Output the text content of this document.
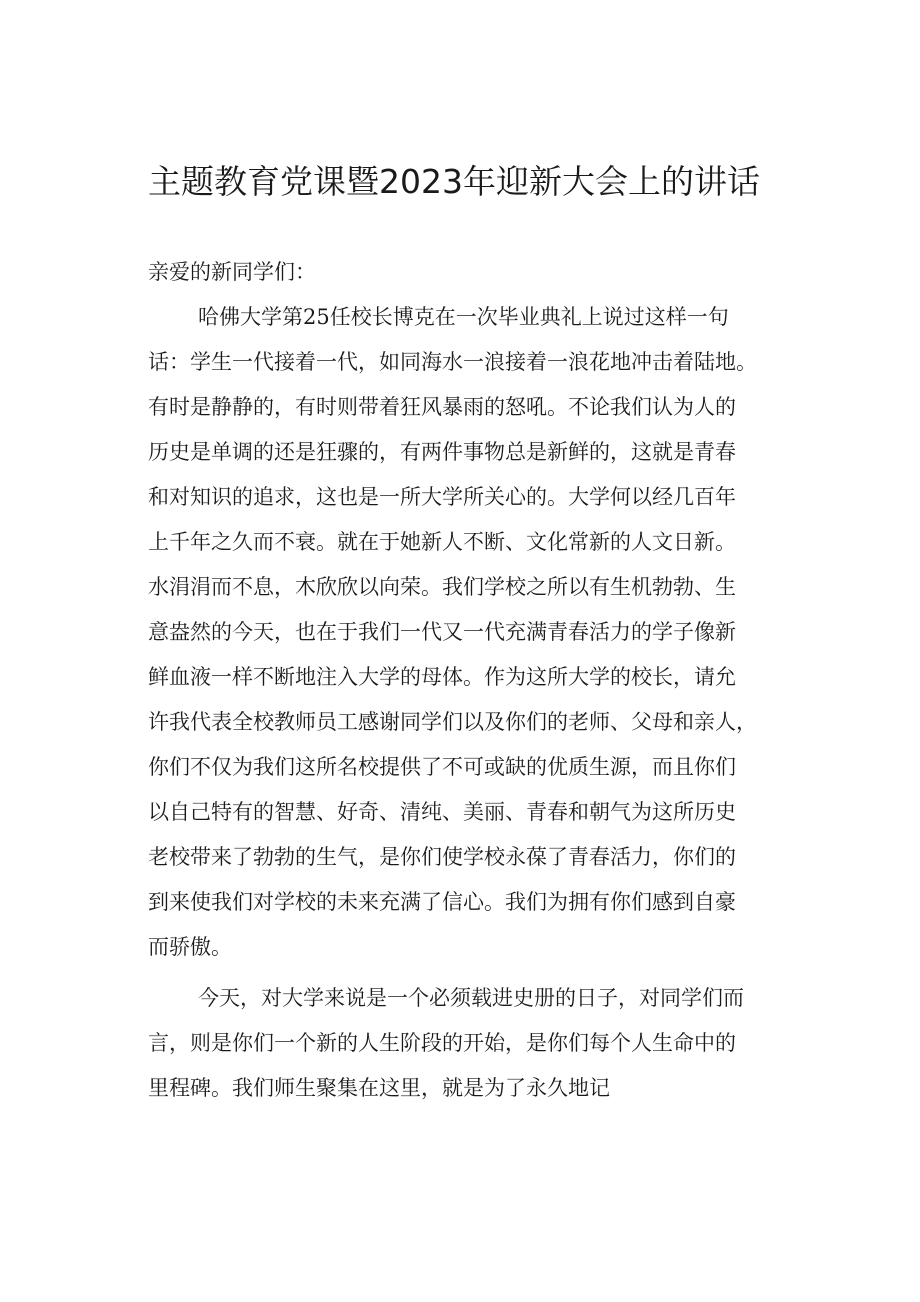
主题教育党课暨2023年迎新大会上的讲话

亲爱的新同学们：

哈佛大学第25任校长博克在一次毕业典礼上说过这样一句
话：学生一代接着一代，如同海水一浪接着一浪花地冲击着陆地。
有时是静静的，有时则带着狂风暴雨的怒吼。不论我们认为人的
历史是单调的还是狂骤的，有两件事物总是新鲜的，这就是青春
和对知识的追求，这也是一所大学所关心的。大学何以经几百年
上千年之久而不衰。就在于她新人不断、文化常新的人文日新。
水涓涓而不息，木欣欣以向荣。我们学校之所以有生机勃勃、生
意盎然的今天，也在于我们一代又一代充满青春活力的学子像新
鲜血液一样不断地注入大学的母体。作为这所大学的校长，请允
许我代表全校教师员工感谢同学们以及你们的老师、父母和亲人，
你们不仅为我们这所名校提供了不可或缺的优质生源，而且你们
以自己特有的智慧、好奇、清纯、美丽、青春和朝气为这所历史
老校带来了勃勃的生气，是你们使学校永葆了青春活力，你们的
到来使我们对学校的未来充满了信心。我们为拥有你们感到自豪
而骄傲。

今天，对大学来说是一个必须载进史册的日子，对同学们而
言，则是你们一个新的人生阶段的开始，是你们每个人生命中的
里程碑。我们师生聚集在这里，就是为了永久地记
